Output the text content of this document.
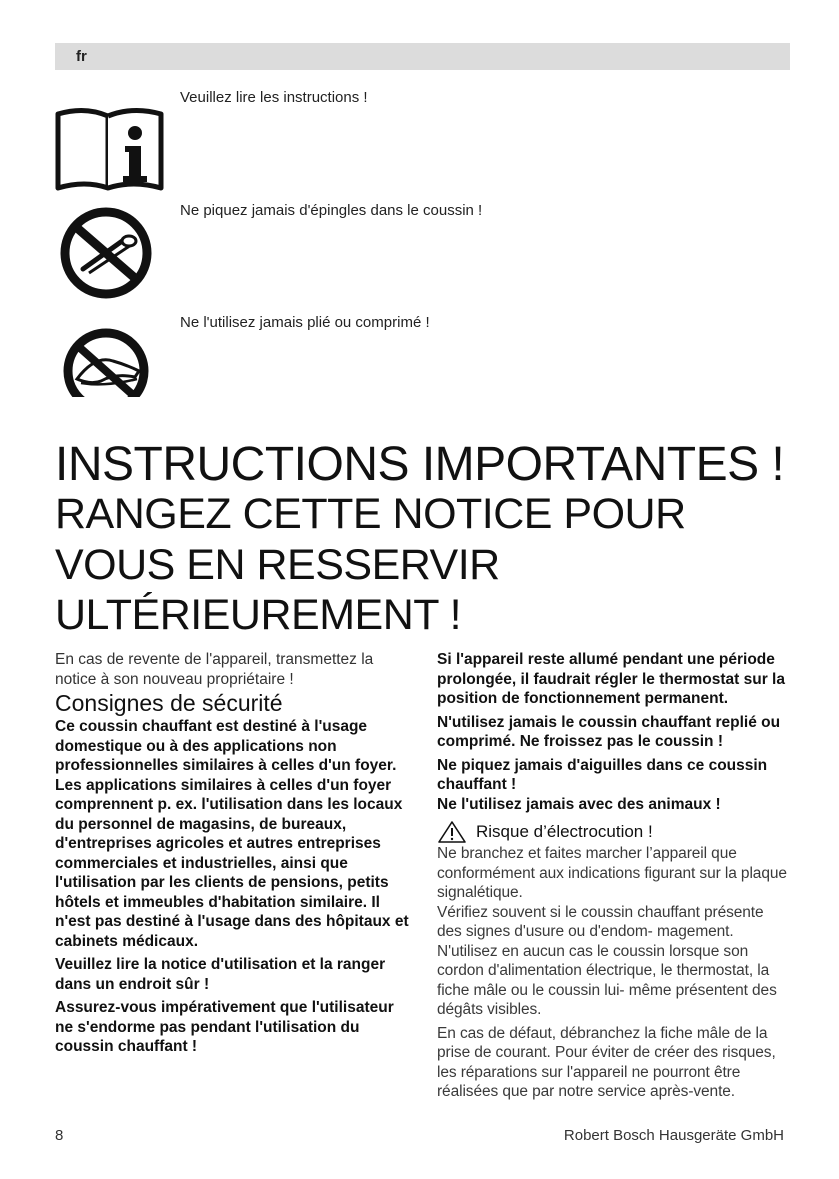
fr
Veuillez lire les instructions !
Ne piquez jamais d'épingles dans le coussin !
Ne l'utilisez jamais plié ou comprimé !
INSTRUCTIONS IMPORTANTES !
RANGEZ CETTE NOTICE POUR
VOUS EN RESSERVIR
ULTÉRIEUREMENT !

En cas de revente de l'appareil, transmettez la notice à son nouveau propriétaire !

Consignes de sécurité

Ce coussin chauffant est destiné à l'usage domestique ou à des applications non professionnelles similaires à celles d'un foyer. Les applications similaires à celles d'un foyer comprennent p. ex. l'utilisation dans les locaux du personnel de magasins, de bureaux, d'entreprises agricoles et autres entreprises commerciales et industrielles, ainsi que l'utilisation par les clients de pensions, petits hôtels et immeubles d'habitation similaire. Il n'est pas destiné à l'usage dans des hôpitaux et cabinets médicaux.

Veuillez lire la notice d'utilisation et la ranger dans un endroit sûr !

Assurez-vous impérativement que l'utilisateur ne s'endorme pas pendant l'utilisation du coussin chauffant !

Si l'appareil reste allumé pendant une période prolongée, il faudrait régler le thermostat sur la position de fonctionnement permanent.

N'utilisez jamais le coussin chauffant replié ou comprimé. Ne froissez pas le coussin !

Ne piquez jamais d'aiguilles dans ce coussin chauffant !

Ne l'utilisez jamais avec des animaux !

Risque d’électrocution !

Ne branchez et faites marcher l’appareil que conformément aux indications figurant sur la plaque signalétique.

Vérifiez souvent si le coussin chauffant présente des signes d'usure ou d'endom- magement. N'utilisez en aucun cas le coussin lorsque son cordon d'alimentation électrique, le thermostat, la fiche mâle ou le coussin lui- même présentent des dégâts visibles.

En cas de défaut, débranchez la fiche mâle de la prise de courant. Pour éviter de créer des risques, les réparations sur l'appareil ne pourront être réalisées que par notre service après-vente.

8	Robert Bosch Hausgeräte GmbH
